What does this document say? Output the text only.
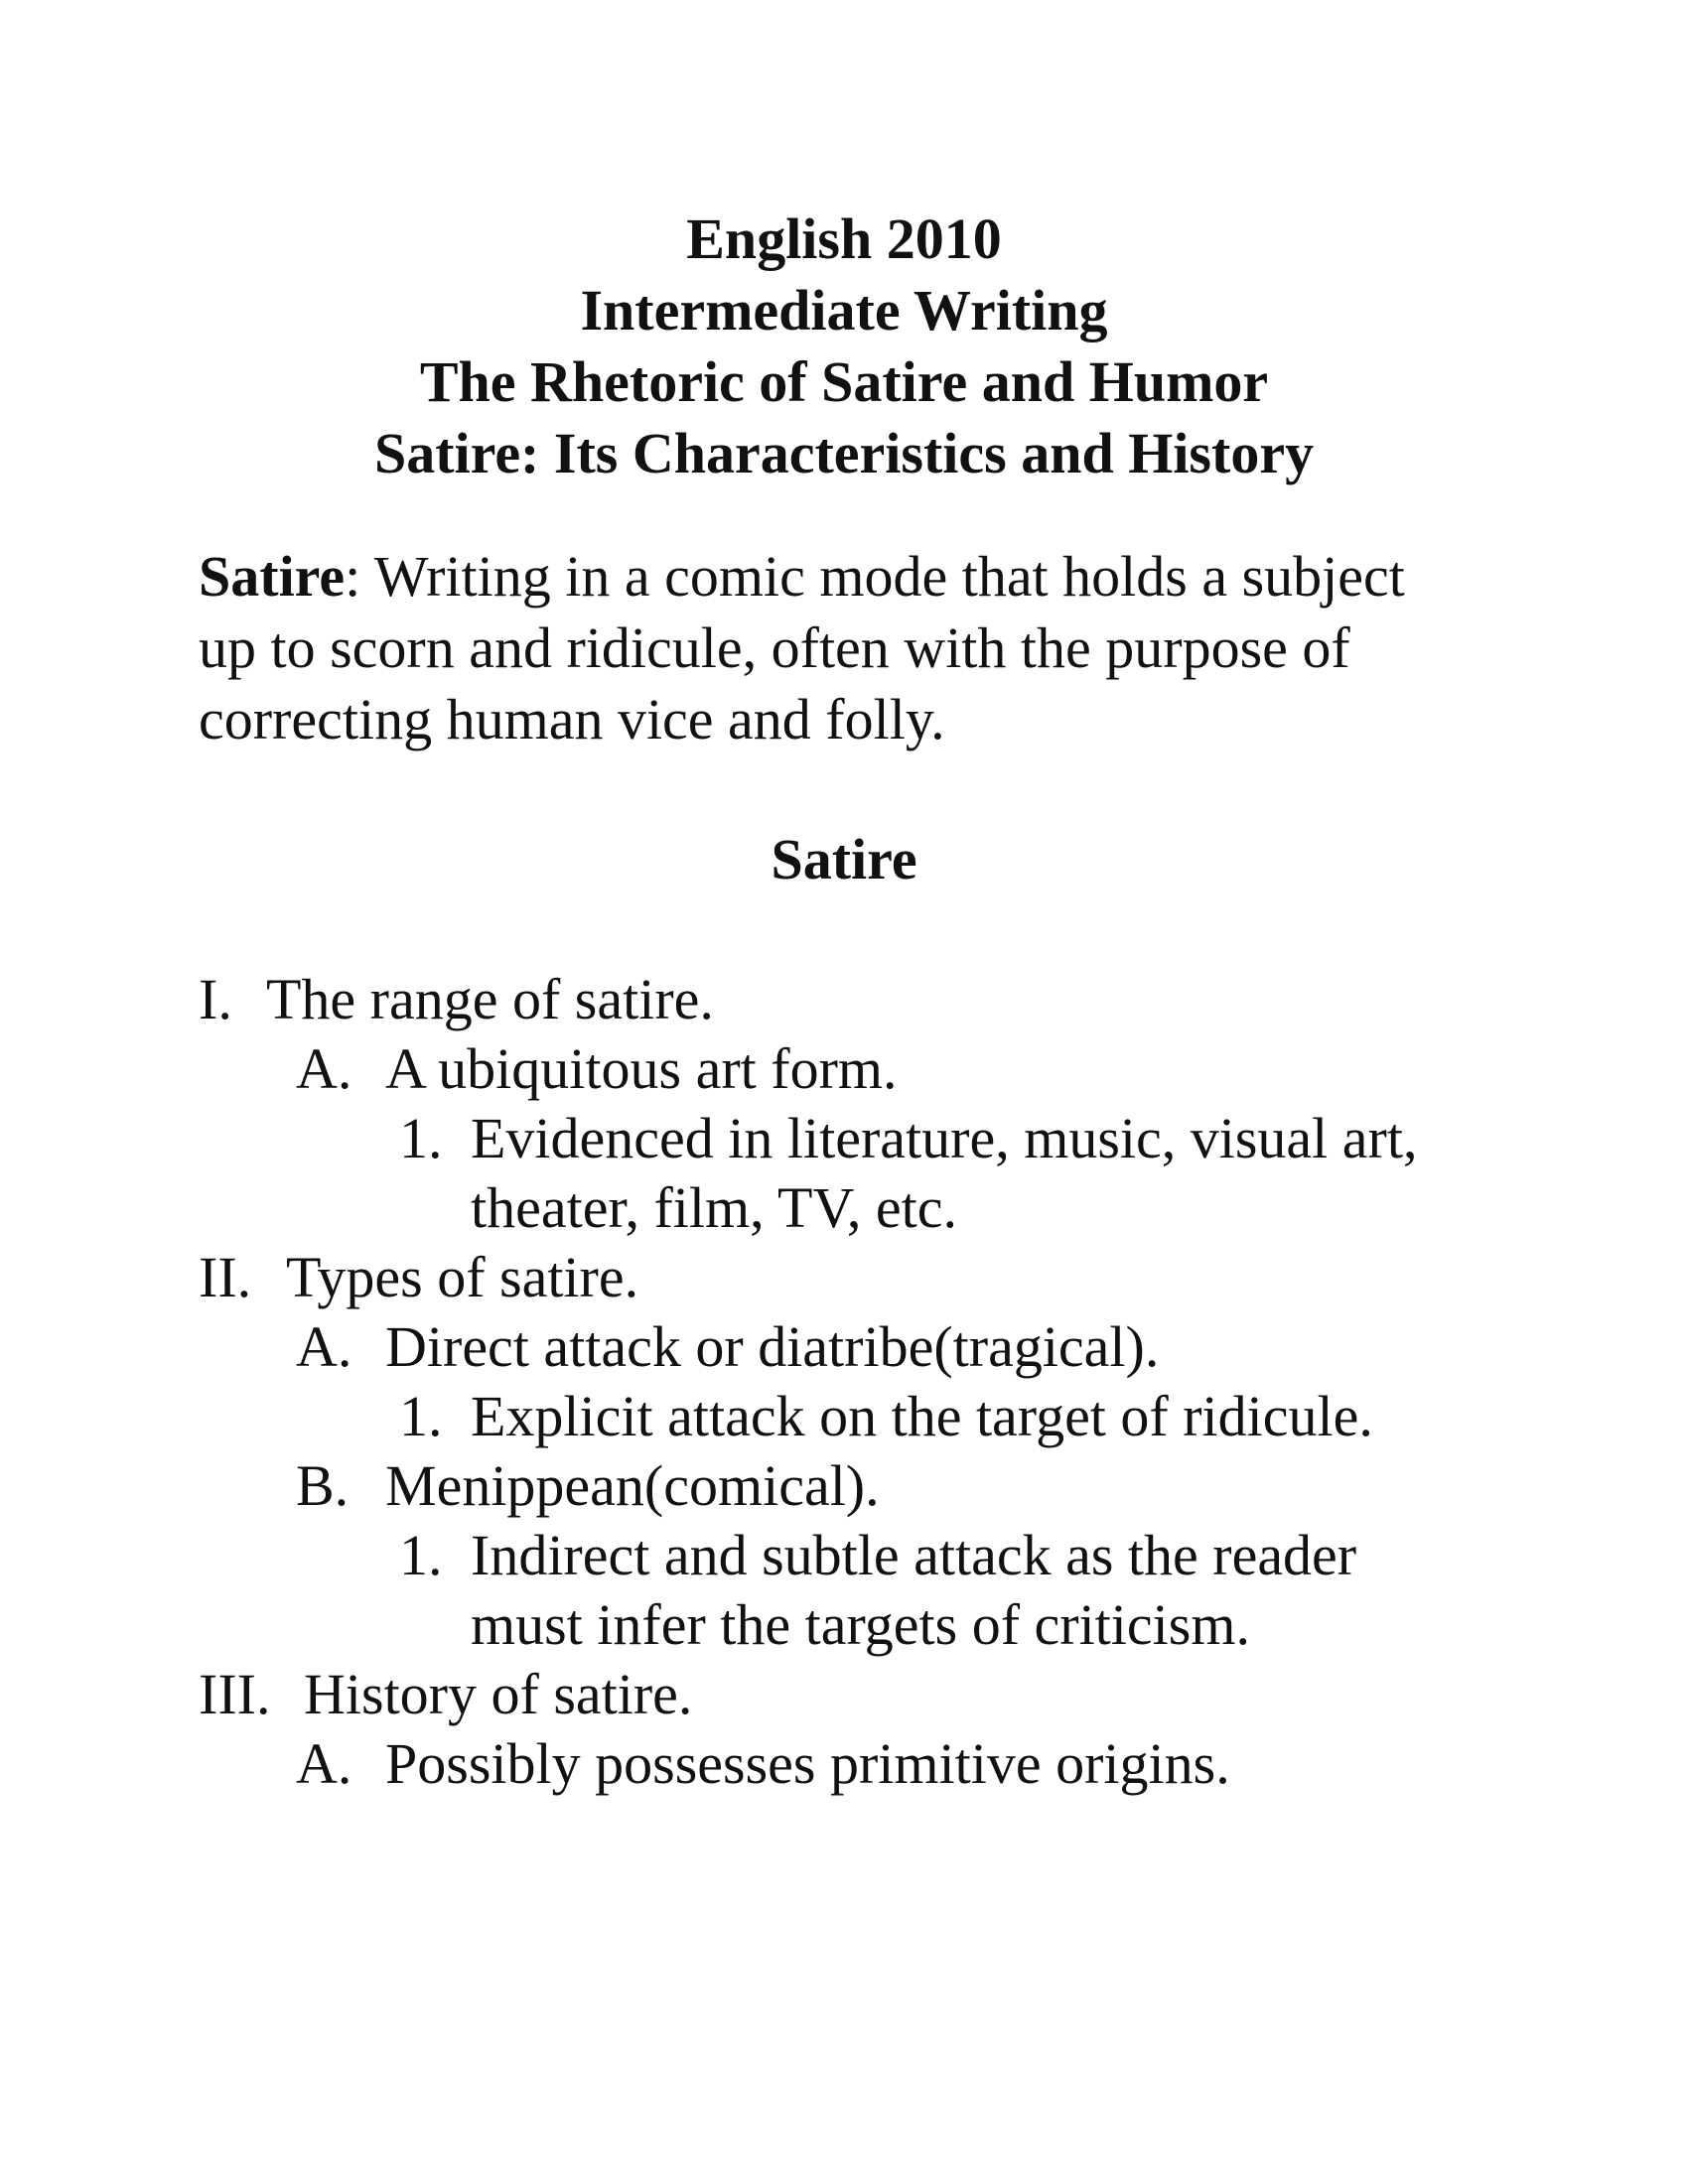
English 2010
Intermediate Writing
The Rhetoric of Satire and Humor
Satire: Its Characteristics and History
Satire: Writing in a comic mode that holds a subject
up to scorn and ridicule, often with the purpose of
correcting human vice and folly.
Satire
I. The range of satire.
A. A ubiquitous art form.
1. Evidenced in literature, music, visual art,
theater, film, TV, etc.
II. Types of satire.
A. Direct attack or diatribe(tragical).
1. Explicit attack on the target of ridicule.
B. Menippean(comical).
1. Indirect and subtle attack as the reader
must infer the targets of criticism.
III. History of satire.
A. Possibly possesses primitive origins.
